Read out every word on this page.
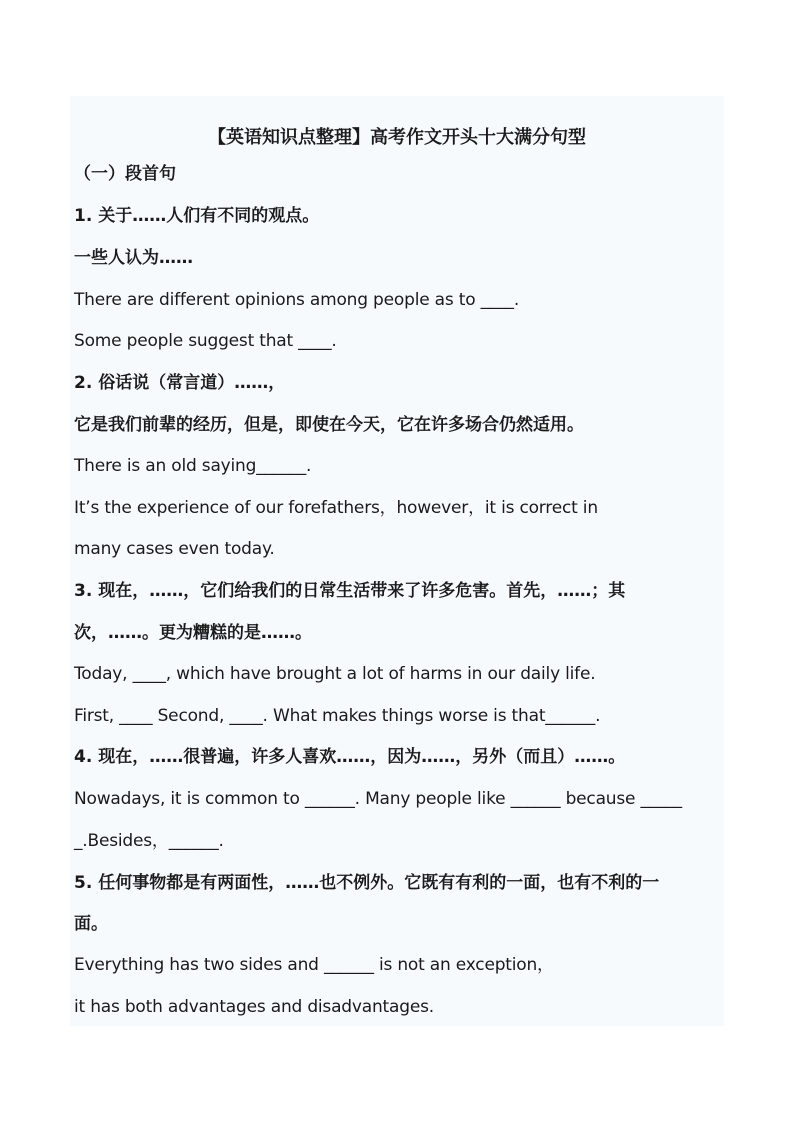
【英语知识点整理】高考作文开头十大满分句型
（一）段首句
1. 关于……人们有不同的观点。
一些人认为……
There are different opinions among people as to ____.
Some people suggest that ____.
2. 俗话说（常言道）……，
它是我们前辈的经历，但是，即使在今天，它在许多场合仍然适用。
There is an old saying______.
It’s the experience of our forefathers，however，it is correct in
many cases even today.
3. 现在，……，它们给我们的日常生活带来了许多危害。首先，……；其
次，……。更为糟糕的是……。
Today, ____, which have brought a lot of harms in our daily life.
First, ____ Second, ____. What makes things worse is that______.
4. 现在，……很普遍，许多人喜欢……，因为……，另外（而且）……。
Nowadays, it is common to ______. Many people like ______ because _____
_.Besides，______.
5. 任何事物都是有两面性，……也不例外。它既有有利的一面，也有不利的一
面。
Everything has two sides and ______ is not an exception，
it has both advantages and disadvantages.
